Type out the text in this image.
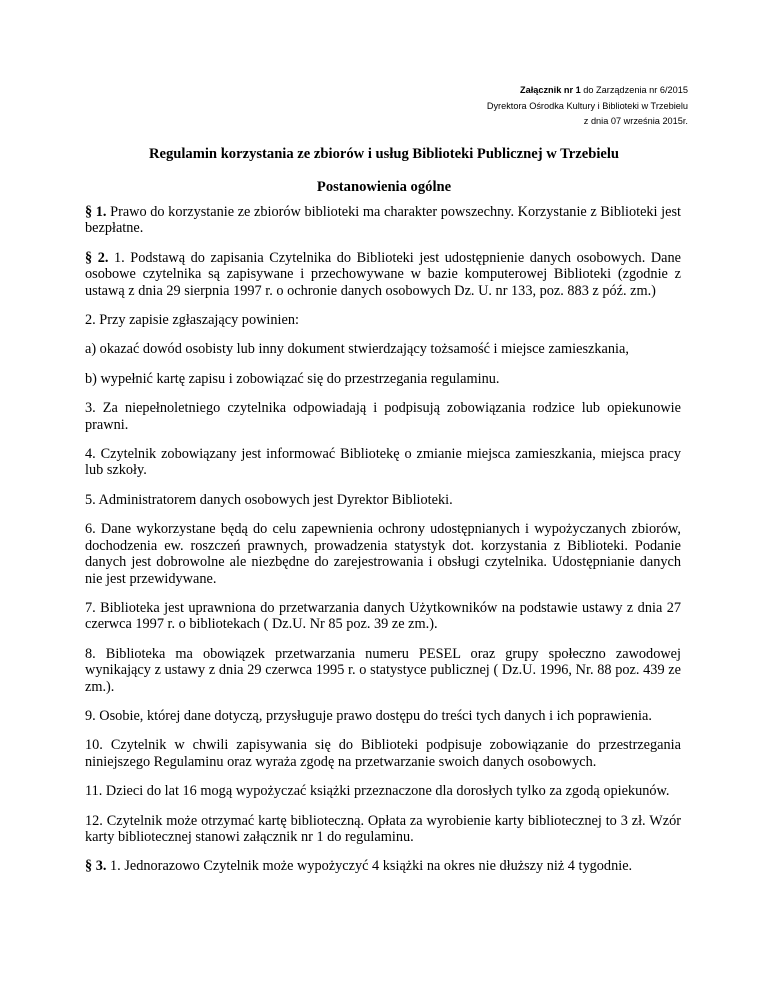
Załącznik nr 1 do Zarządzenia nr 6/2015
Dyrektora Ośrodka Kultury i Biblioteki w Trzebielu
z dnia 07 września 2015r.
Regulamin korzystania ze zbiorów i usług Biblioteki Publicznej w Trzebielu
Postanowienia ogólne

§ 1. Prawo do korzystanie ze zbiorów biblioteki ma charakter powszechny. Korzystanie z Biblioteki jest bezpłatne.

§ 2. 1. Podstawą do zapisania Czytelnika do Biblioteki jest udostępnienie danych osobowych. Dane osobowe czytelnika są zapisywane i przechowywane w bazie komputerowej Biblioteki (zgodnie z ustawą z dnia 29 sierpnia 1997 r. o ochronie danych osobowych Dz. U. nr 133, poz. 883 z póź. zm.)

2. Przy zapisie zgłaszający powinien:

a) okazać dowód osobisty lub inny dokument stwierdzający tożsamość i miejsce zamieszkania,

b) wypełnić kartę zapisu i zobowiązać się do przestrzegania regulaminu.

3. Za niepełnoletniego czytelnika odpowiadają i podpisują zobowiązania rodzice lub opiekunowie prawni.

4. Czytelnik zobowiązany jest informować Bibliotekę o zmianie miejsca zamieszkania, miejsca pracy lub szkoły.

5. Administratorem danych osobowych jest Dyrektor Biblioteki.

6. Dane wykorzystane będą do celu zapewnienia ochrony udostępnianych i wypożyczanych zbiorów, dochodzenia ew. roszczeń prawnych, prowadzenia statystyk dot. korzystania z Biblioteki. Podanie danych jest dobrowolne ale niezbędne do zarejestrowania i obsługi czytelnika. Udostępnianie danych nie jest przewidywane.

7. Biblioteka jest uprawniona do przetwarzania danych Użytkowników na podstawie ustawy z dnia 27 czerwca 1997 r. o bibliotekach ( Dz.U. Nr 85 poz. 39 ze zm.).

8. Biblioteka ma obowiązek przetwarzania numeru PESEL oraz grupy społeczno zawodowej wynikający z ustawy z dnia 29 czerwca 1995 r. o statystyce publicznej ( Dz.U. 1996, Nr. 88 poz. 439 ze zm.).

9. Osobie, której dane dotyczą, przysługuje prawo dostępu do treści tych danych i ich poprawienia.

10. Czytelnik w chwili zapisywania się do Biblioteki podpisuje zobowiązanie do przestrzegania niniejszego Regulaminu oraz wyraża zgodę na przetwarzanie swoich danych osobowych.

11. Dzieci do lat 16 mogą wypożyczać książki przeznaczone dla dorosłych tylko za zgodą opiekunów.

12. Czytelnik może otrzymać kartę biblioteczną. Opłata za wyrobienie karty bibliotecznej to 3 zł. Wzór karty bibliotecznej stanowi załącznik nr 1 do regulaminu.

§ 3. 1. Jednorazowo Czytelnik może wypożyczyć 4 książki na okres nie dłuższy niż 4 tygodnie.
